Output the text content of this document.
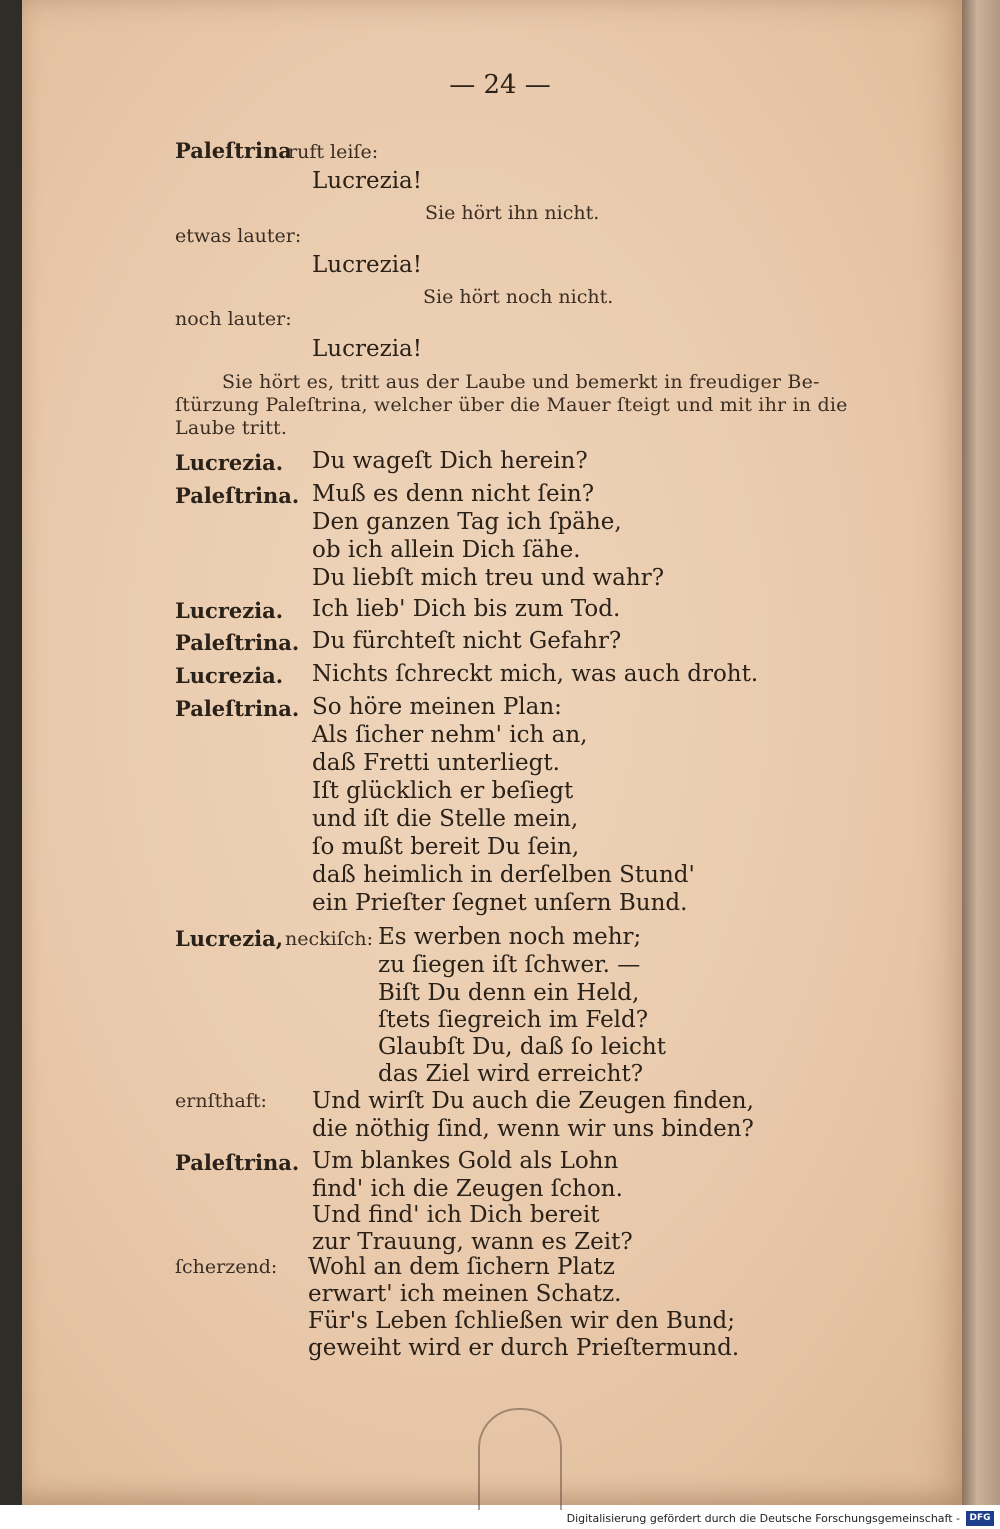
— 24 —
Paleſtrina
ruft leiſe:
Lucrezia!
Sie hört ihn nicht.
etwas lauter:
Lucrezia!
Sie hört noch nicht.
noch lauter:
Lucrezia!
Sie hört es, tritt aus der Laube und bemerkt in freudiger Be-
ſtürzung Paleſtrina, welcher über die Mauer ſteigt und mit ihr in die
Laube tritt.
Lucrezia. Du wageſt Dich herein?
Paleſtrina. Muß es denn nicht ſein?
Den ganzen Tag ich ſpähe,
ob ich allein Dich ſähe.
Du liebſt mich treu und wahr?
Lucrezia. Ich lieb' Dich bis zum Tod.
Paleſtrina. Du fürchteſt nicht Gefahr?
Lucrezia. Nichts ſchreckt mich, was auch droht.
Paleſtrina. So höre meinen Plan:
Als ſicher nehm' ich an,
daß Fretti unterliegt.
Iſt glücklich er beſiegt
und iſt die Stelle mein,
ſo mußt bereit Du ſein,
daß heimlich in derſelben Stund'
ein Prieſter ſegnet unſern Bund.
Lucrezia, neckiſch: Es werben noch mehr;
zu ſiegen iſt ſchwer. —
Biſt Du denn ein Held,
ſtets ſiegreich im Feld?
Glaubſt Du, daß ſo leicht
das Ziel wird erreicht?
ernſthaft: Und wirſt Du auch die Zeugen finden,
die nöthig ſind, wenn wir uns binden?
Paleſtrina. Um blankes Gold als Lohn
find' ich die Zeugen ſchon.
Und find' ich Dich bereit
zur Trauung, wann es Zeit?
ſcherzend: Wohl an dem ſichern Platz
erwart' ich meinen Schatz.
Für's Leben ſchließen wir den Bund;
geweiht wird er durch Prieſtermund.
Digitalisierung gefördert durch die Deutsche Forschungsgemeinschaft -	DFG
